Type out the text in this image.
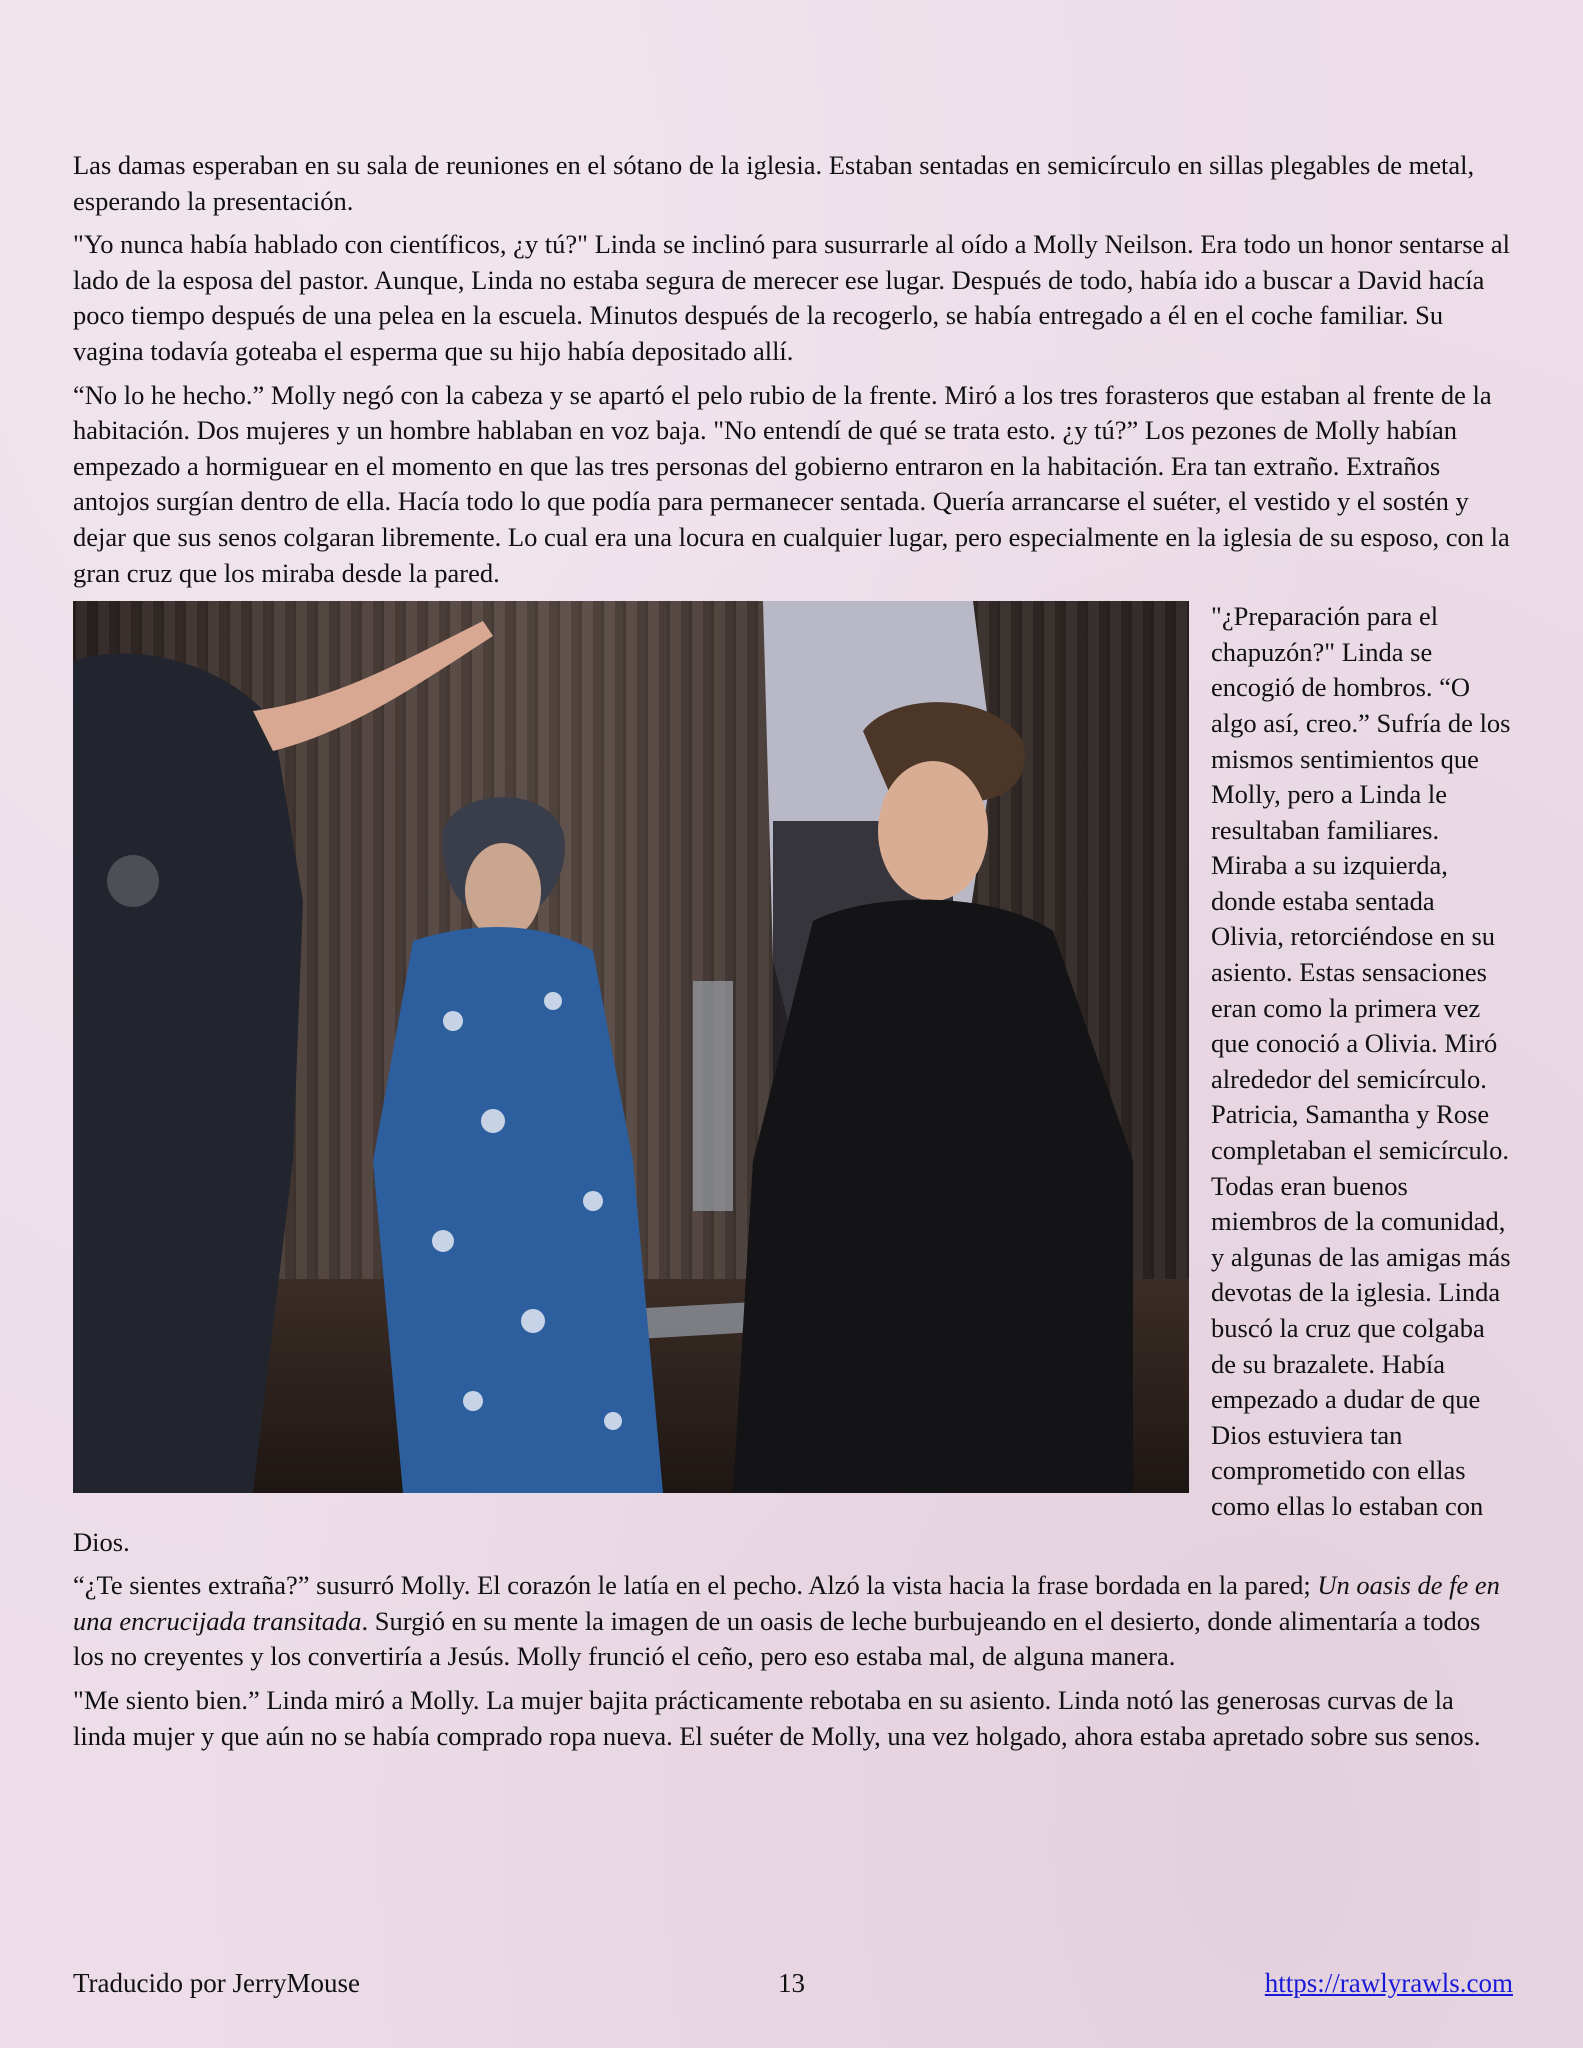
Las damas esperaban en su sala de reuniones en el sótano de la iglesia. Estaban sentadas en semicírculo en sillas plegables de metal, esperando la presentación.

"Yo nunca había hablado con científicos, ¿y tú?" Linda se inclinó para susurrarle al oído a Molly Neilson. Era todo un honor sentarse al lado de la esposa del pastor. Aunque, Linda no estaba segura de merecer ese lugar. Después de todo, había ido a buscar a David hacía poco tiempo después de una pelea en la escuela. Minutos después de la recogerlo, se había entregado a él en el coche familiar. Su vagina todavía goteaba el esperma que su hijo había depositado allí.

“No lo he hecho.” Molly negó con la cabeza y se apartó el pelo rubio de la frente. Miró a los tres forasteros que estaban al frente de la habitación. Dos mujeres y un hombre hablaban en voz baja. "No entendí de qué se trata esto. ¿y tú?” Los pezones de Molly habían empezado a hormiguear en el momento en que las tres personas del gobierno entraron en la habitación. Era tan extraño. Extraños antojos surgían dentro de ella. Hacía todo lo que podía para permanecer sentada. Quería arrancarse el suéter, el vestido y el sostén y dejar que sus senos colgaran libremente. Lo cual era una locura en cualquier lugar, pero especialmente en la iglesia de su esposo, con la gran cruz que los miraba desde la pared.

"¿Preparación para el chapuzón?" Linda se encogió de hombros. “O algo así, creo.” Sufría de los mismos sentimientos que Molly, pero a Linda le resultaban familiares. Miraba a su izquierda, donde estaba sentada Olivia, retorciéndose en su asiento. Estas sensaciones eran como la primera vez que conoció a Olivia. Miró alrededor del semicírculo. Patricia, Samantha y Rose completaban el semicírculo. Todas eran buenos miembros de la comunidad, y algunas de las amigas más devotas de la iglesia. Linda buscó la cruz que colgaba de su brazalete. Había empezado a dudar de que Dios estuviera tan comprometido con ellas como ellas lo estaban con Dios.

“¿Te sientes extraña?” susurró Molly. El corazón le latía en el pecho. Alzó la vista hacia la frase bordada en la pared; Un oasis de fe en una encrucijada transitada. Surgió en su mente la imagen de un oasis de leche burbujeando en el desierto, donde alimentaría a todos los no creyentes y los convertiría a Jesús. Molly frunció el ceño, pero eso estaba mal, de alguna manera.

"Me siento bien.” Linda miró a Molly. La mujer bajita prácticamente rebotaba en su asiento. Linda notó las generosas curvas de la linda mujer y que aún no se había comprado ropa nueva. El suéter de Molly, una vez holgado, ahora estaba apretado sobre sus senos.

Traducido por JerryMouse	13	https://rawlyrawls.com
